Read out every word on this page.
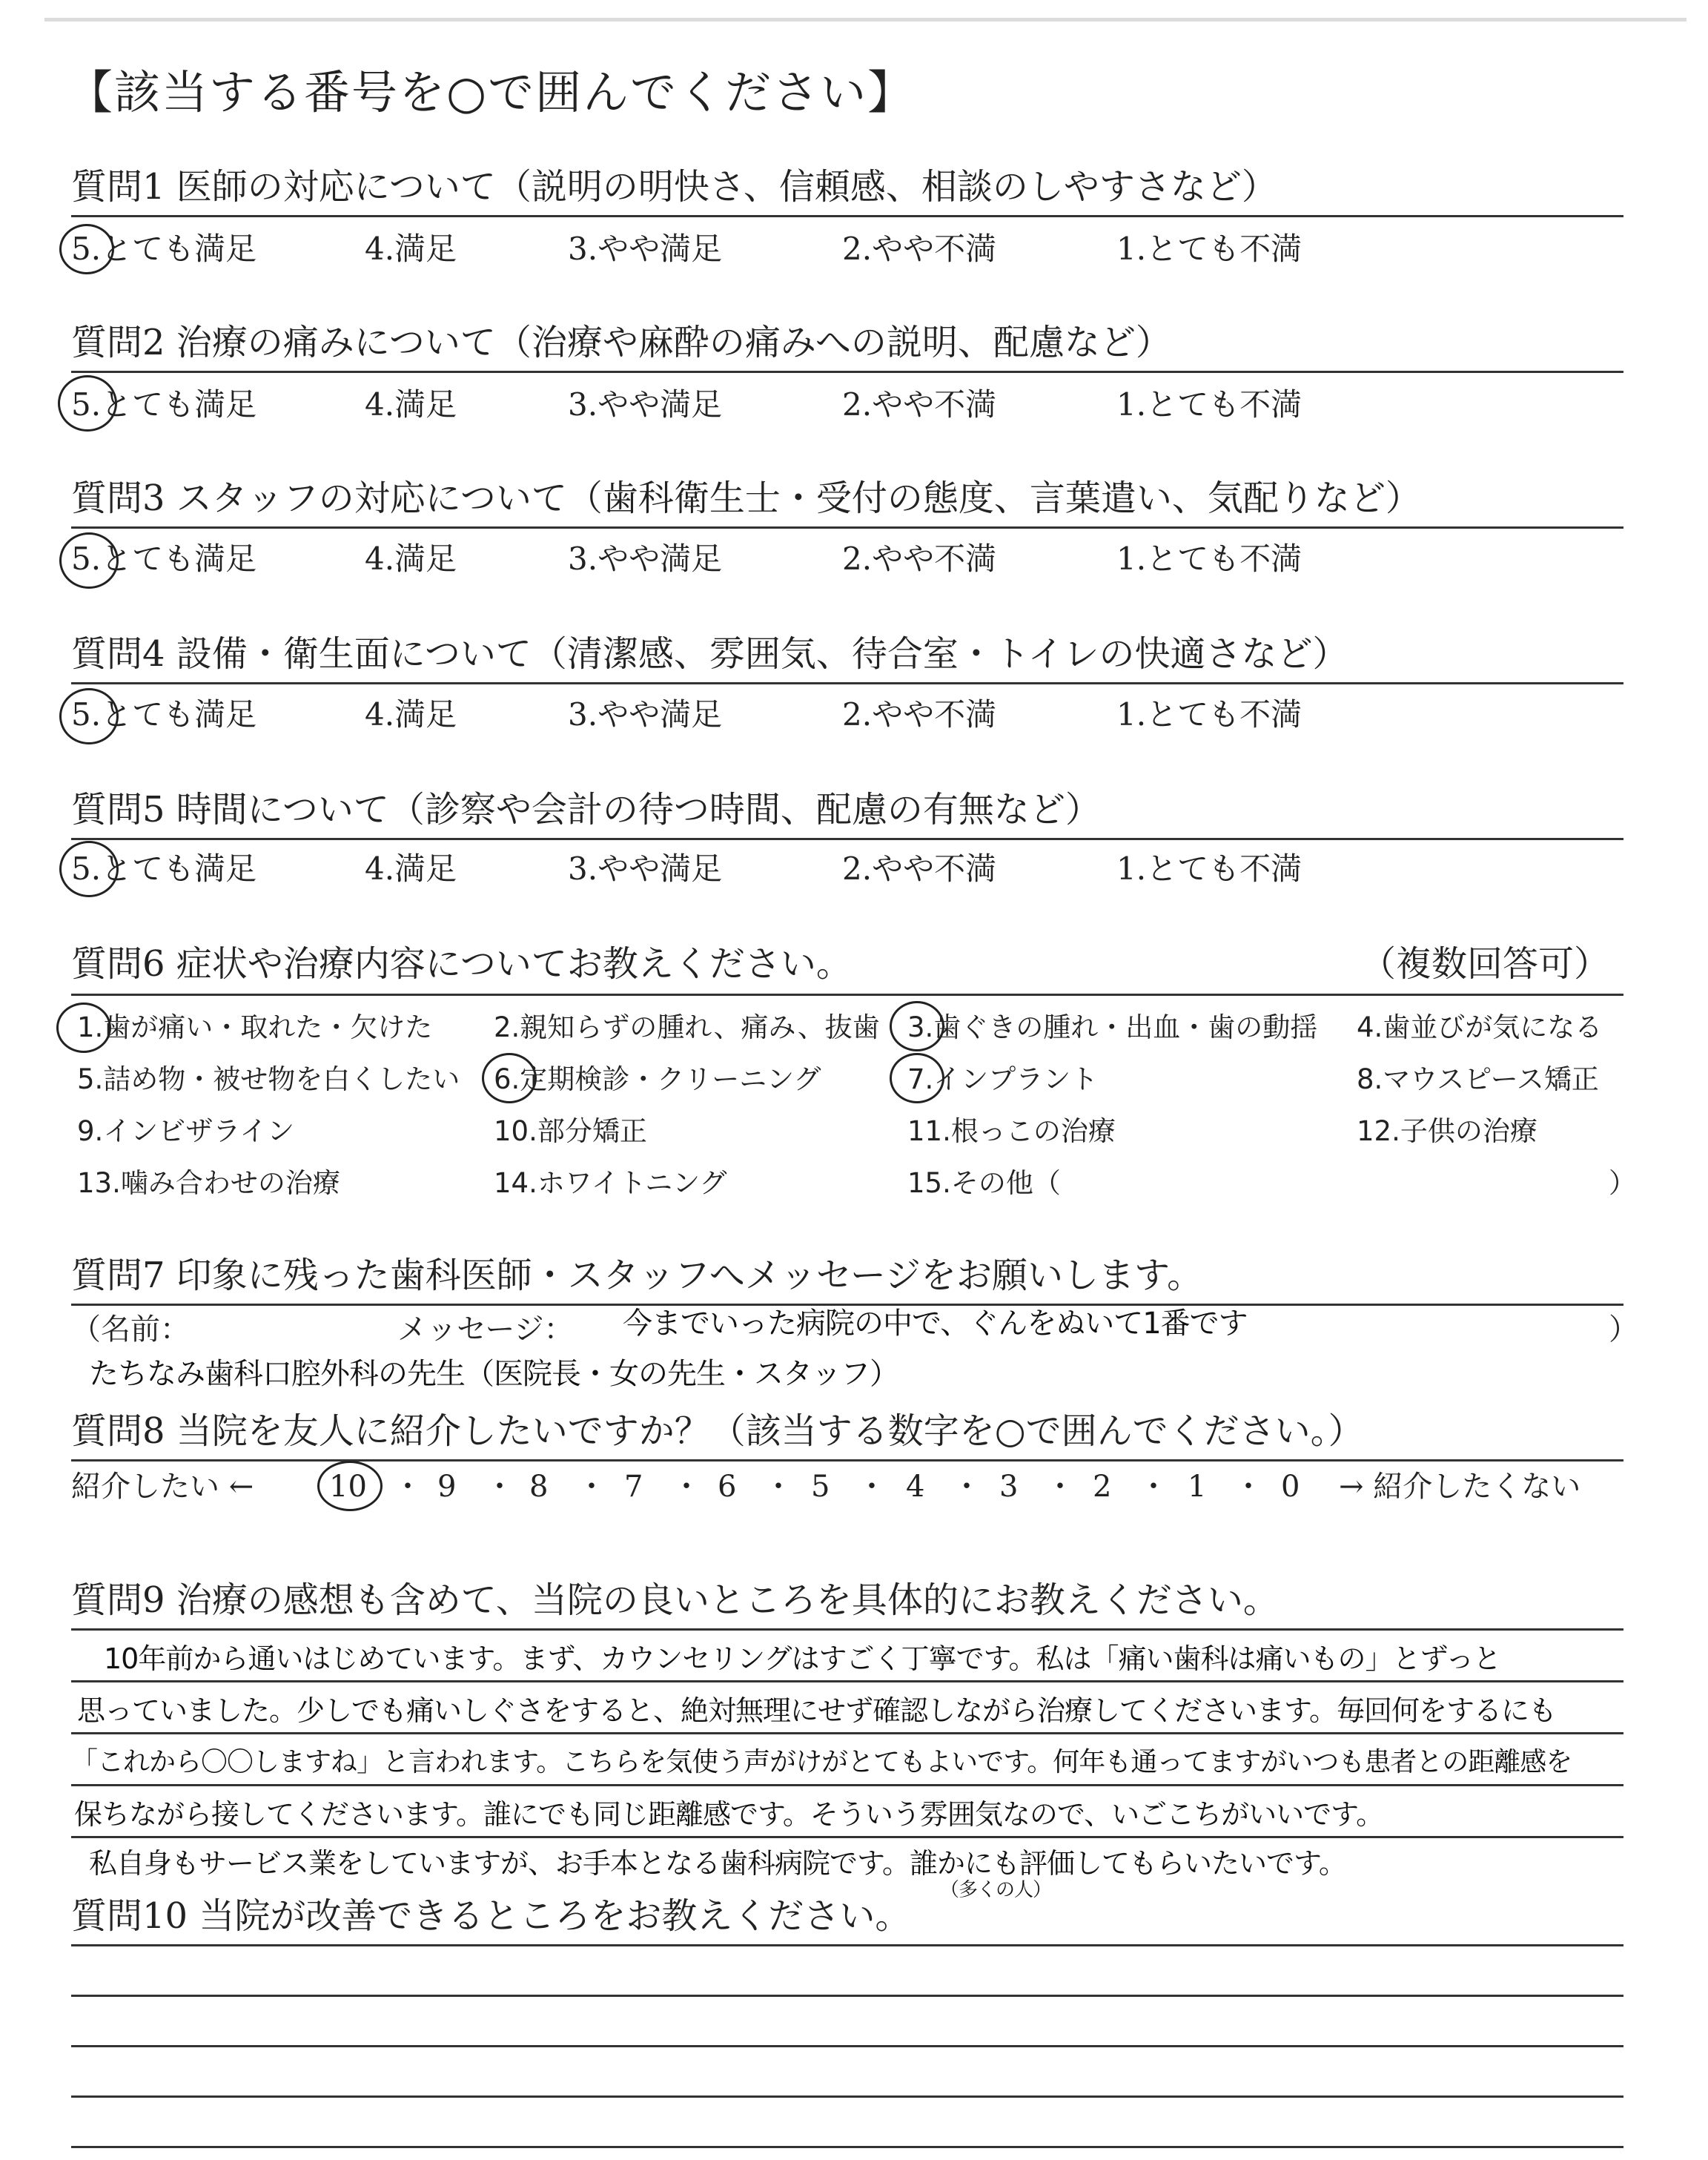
【該当する番号を○で囲んでください】
質問1 医師の対応について（説明の明快さ、信頼感、相談のしやすさなど）
5.とても満足	4.満足	3.やや満足	2.やや不満	1.とても不満
質問2 治療の痛みについて（治療や麻酔の痛みへの説明、配慮など）
5.とても満足	4.満足	3.やや満足	2.やや不満	1.とても不満
質問3 スタッフの対応について（歯科衛生士・受付の態度、言葉遣い、気配りなど）
5.とても満足	4.満足	3.やや満足	2.やや不満	1.とても不満
質問4 設備・衛生面について（清潔感、雰囲気、待合室・トイレの快適さなど）
5.とても満足	4.満足	3.やや満足	2.やや不満	1.とても不満
質問5 時間について（診察や会計の待つ時間、配慮の有無など）
5.とても満足	4.満足	3.やや満足	2.やや不満	1.とても不満
質問6 症状や治療内容についてお教えください。	（複数回答可）
1.歯が痛い・取れた・欠けた 2.親知らずの腫れ、痛み、抜歯 3.歯ぐきの腫れ・出血・歯の動揺 4.歯並びが気になる
5.詰め物・被せ物を白くしたい 6.定期検診・クリーニング	7.インプラント	8.マウスピース矯正
9.インビザライン	10.部分矯正	11.根っこの治療	12.子供の治療
13.噛み合わせの治療	14.ホワイトニング	15.その他（	）
質問7 印象に残った歯科医師・スタッフへメッセージをお願いします。
（名前：	メッセージ：	）
今までいった病院の中で、ぐんをぬいて1番です
たちなみ歯科口腔外科の先生（医院長・女の先生・スタッフ）
質問8 当院を友人に紹介したいですか？（該当する数字を○で囲んでください。）
紹介したい ←	10 ・ 9 ・ 8 ・ 7 ・ 6 ・ 5 ・ 4 ・ 3 ・ 2 ・ 1 ・ 0 → 紹介したくない
質問9 治療の感想も含めて、当院の良いところを具体的にお教えください。
10年前から通いはじめています。まず、カウンセリングはすごく丁寧です。私は「痛い歯科は痛いもの」とずっと
思っていました。少しでも痛いしぐさをすると、絶対無理にせず確認しながら治療してくださいます。毎回何をするにも
「これから〇〇しますね」と言われます。こちらを気使う声がけがとてもよいです。何年も通ってますがいつも患者との距離感を
保ちながら接してくださいます。誰にでも同じ距離感です。そういう雰囲気なので、いごこちがいいです。
私自身もサービス業をしていますが、お手本となる歯科病院です。誰かにも評価してもらいたいです。
質問10 当院が改善できるところをお教えください。
（多くの人）
